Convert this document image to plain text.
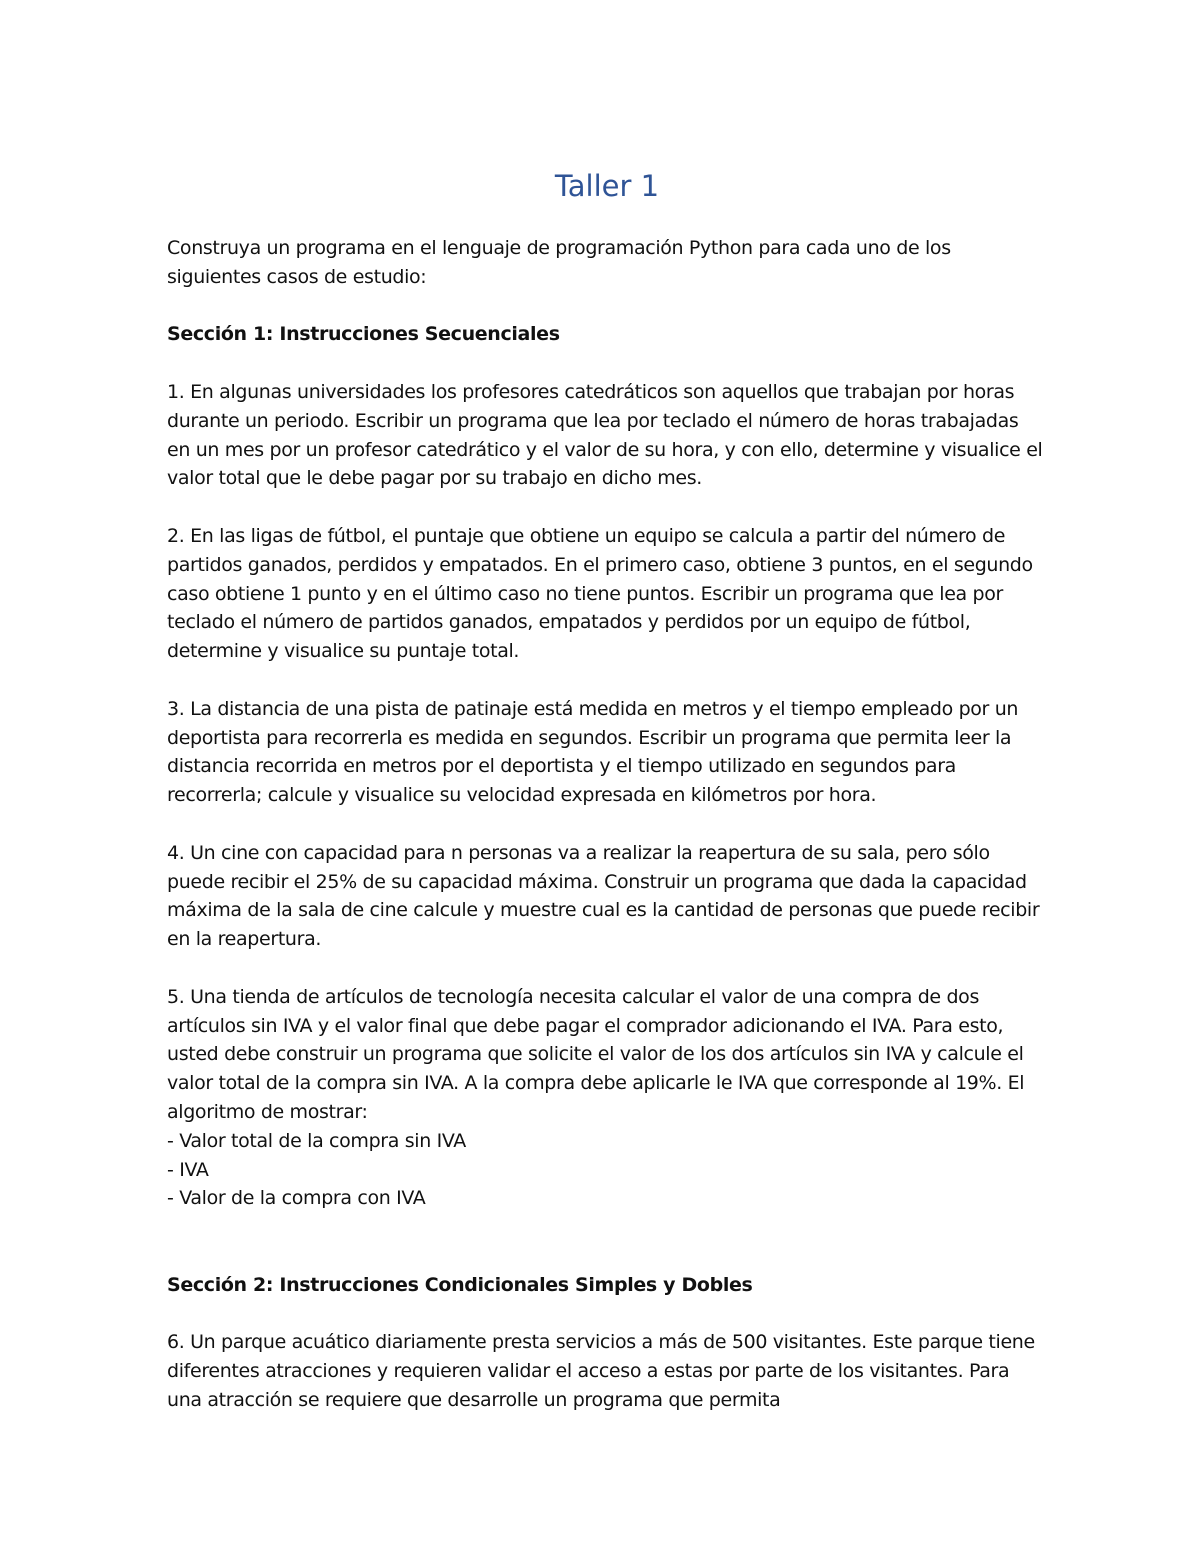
Taller 1

Construya un programa en el lenguaje de programación Python para cada uno de los siguientes casos de estudio:

Sección 1: Instrucciones Secuenciales

1. En algunas universidades los profesores catedráticos son aquellos que trabajan por horas durante un periodo. Escribir un programa que lea por teclado el número de horas trabajadas en un mes por un profesor catedrático y el valor de su hora, y con ello, determine y visualice el valor total que le debe pagar por su trabajo en dicho mes.

2. En las ligas de fútbol, el puntaje que obtiene un equipo se calcula a partir del número de partidos ganados, perdidos y empatados. En el primero caso, obtiene 3 puntos, en el segundo caso obtiene 1 punto y en el último caso no tiene puntos. Escribir un programa que lea por teclado el número de partidos ganados, empatados y perdidos por un equipo de fútbol, determine y visualice su puntaje total.

3. La distancia de una pista de patinaje está medida en metros y el tiempo empleado por un deportista para recorrerla es medida en segundos. Escribir un programa que permita leer la distancia recorrida en metros por el deportista y el tiempo utilizado en segundos para recorrerla; calcule y visualice su velocidad expresada en kilómetros por hora.

4. Un cine con capacidad para n personas va a realizar la reapertura de su sala, pero sólo puede recibir el 25% de su capacidad máxima. Construir un programa que dada la capacidad máxima de la sala de cine calcule y muestre cual es la cantidad de personas que puede recibir en la reapertura.

5. Una tienda de artículos de tecnología necesita calcular el valor de una compra de dos artículos sin IVA y el valor final que debe pagar el comprador adicionando el IVA. Para esto, usted debe construir un programa que solicite el valor de los dos artículos sin IVA y calcule el valor total de la compra sin IVA. A la compra debe aplicarle le IVA que corresponde al 19%. El algoritmo de mostrar:

- Valor total de la compra sin IVA

- IVA

- Valor de la compra con IVA

Sección 2: Instrucciones Condicionales Simples y Dobles

6. Un parque acuático diariamente presta servicios a más de 500 visitantes. Este parque tiene diferentes atracciones y requieren validar el acceso a estas por parte de los visitantes. Para una atracción se requiere que desarrolle un programa que permita
